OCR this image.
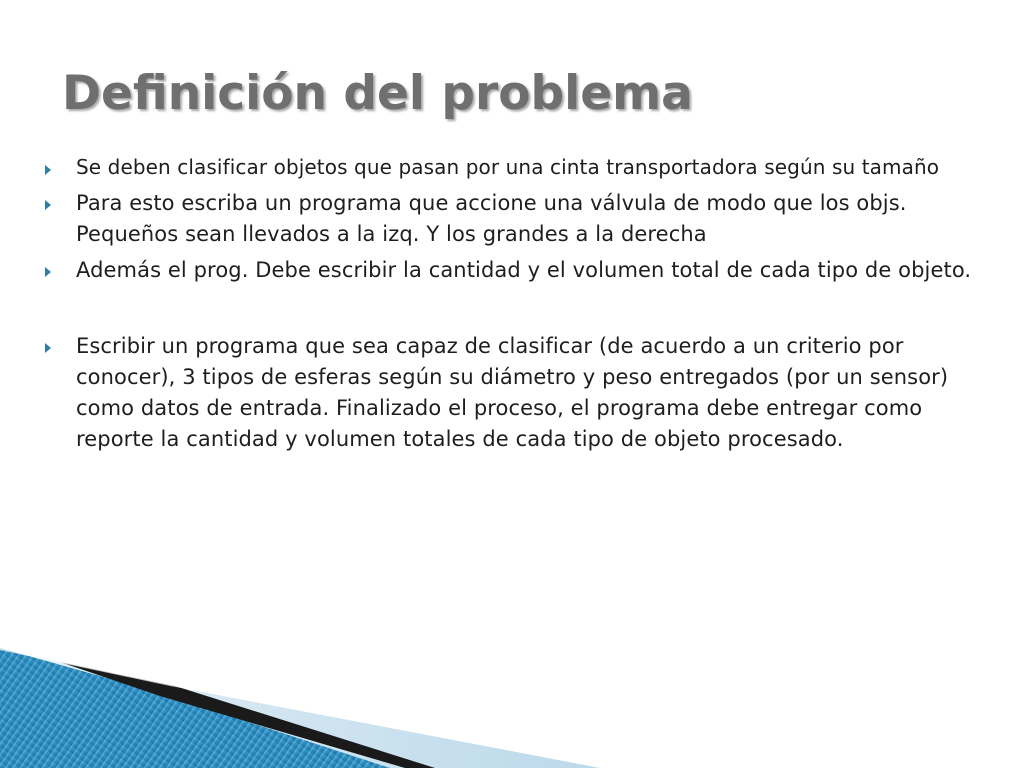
Definición del problema
Se deben clasificar objetos que pasan por una cinta transportadora según su tamaño
Para esto escriba un programa que accione una válvula de modo que los objs. Pequeños sean llevados a la izq. Y los grandes a la derecha
Además el prog. Debe escribir la cantidad y el volumen total de cada tipo de objeto.
Escribir un programa que sea capaz de clasificar (de acuerdo a un criterio por conocer), 3 tipos de esferas según su diámetro y peso entregados (por un sensor) como datos de entrada. Finalizado el proceso, el programa debe entregar como reporte la cantidad y volumen totales de cada tipo de objeto procesado.
